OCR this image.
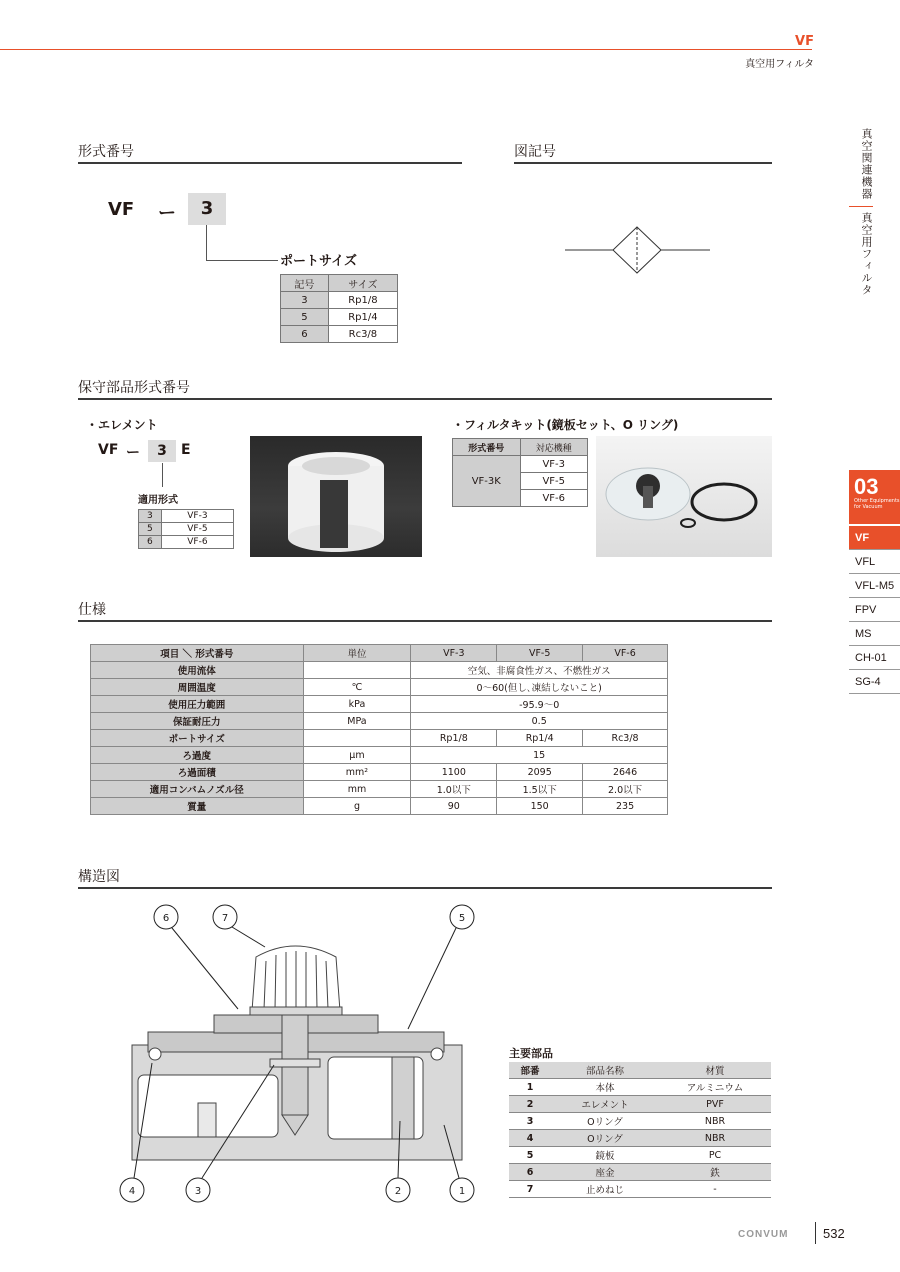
VF
真空用フィルタ
真空関連機器
真空用フィルタ
03
Other Equipments
for Vacuum
VF
VFL
VFL-M5
FPV
MS
CH-01
SG-4
形式番号
VF ー	3
ポートサイズ
記号	サイズ
3	Rp1/8
5	Rp1/4
6	Rc3/8
図記号
保守部品形式番号
・エレメント
VF ー	3	E
適用形式
3	VF-3
5	VF-5
6	VF-6
・フィルタキット(鏡板セット、O リング)
形式番号	対応機種
VF-3K	VF-3
	VF-5
	VF-6
仕様
項目 ＼ 形式番号	単位	VF-3	VF-5	VF-6
使用流体		空気、非腐食性ガス、不燃性ガス		
周囲温度	℃	0〜60(但し､凍結しないこと)		
使用圧力範囲	kPa	-95.9〜0		
保証耐圧力	MPa	0.5		
ポートサイズ		Rp1/8	Rp1/4	Rc3/8
ろ過度	μm	15		
ろ過面積	mm²	1100	2095	2646
適用コンバムノズル径	mm	1.0以下	1.5以下	2.0以下
質量	g	90	150	235
構造図
6	7	5
4	3	2	1
主要部品
部番	部品名称	材質
1	本体	アルミニウム
2	エレメント	PVF
3	Oリング	NBR
4	Oリング	NBR
5	鏡板	PC
6	座金	鉄
7	止めねじ	-
CONVUM	532
